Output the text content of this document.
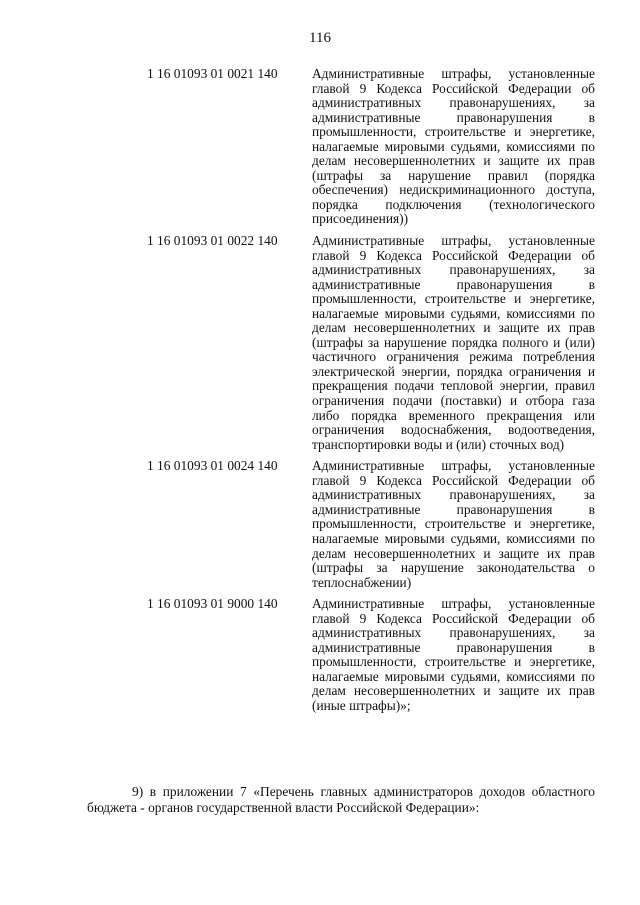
116
1 16 01093 01 0021 140	Административные штрафы, установленные главой 9 Кодекса Российской Федерации об административных правонарушениях, за административные правонарушения в промышленности, строительстве и энергетике, налагаемые мировыми судьями, комиссиями по делам несовершеннолетних и защите их прав (штрафы за нарушение правил (порядка обеспечения) недискриминационного доступа, порядка подключения (технологического присоединения))
1 16 01093 01 0022 140	Административные штрафы, установленные главой 9 Кодекса Российской Федерации об административных правонарушениях, за административные правонарушения в промышленности, строительстве и энергетике, налагаемые мировыми судьями, комиссиями по делам несовершеннолетних и защите их прав (штрафы за нарушение порядка полного и (или) частичного ограничения режима потребления электрической энергии, порядка ограничения и прекращения подачи тепловой энергии, правил ограничения подачи (поставки) и отбора газа либо порядка временного прекращения или ограничения водоснабжения, водоотведения, транспортировки воды и (или) сточных вод)
1 16 01093 01 0024 140	Административные штрафы, установленные главой 9 Кодекса Российской Федерации об административных правонарушениях, за административные правонарушения в промышленности, строительстве и энергетике, налагаемые мировыми судьями, комиссиями по делам несовершеннолетних и защите их прав (штрафы за нарушение законодательства о теплоснабжении)
1 16 01093 01 9000 140	Административные штрафы, установленные главой 9 Кодекса Российской Федерации об административных правонарушениях, за административные правонарушения в промышленности, строительстве и энергетике, налагаемые мировыми судьями, комиссиями по делам несовершеннолетних и защите их прав (иные штрафы)»;

9) в приложении 7 «Перечень главных администраторов доходов областного бюджета - органов государственной власти Российской Федерации»:
